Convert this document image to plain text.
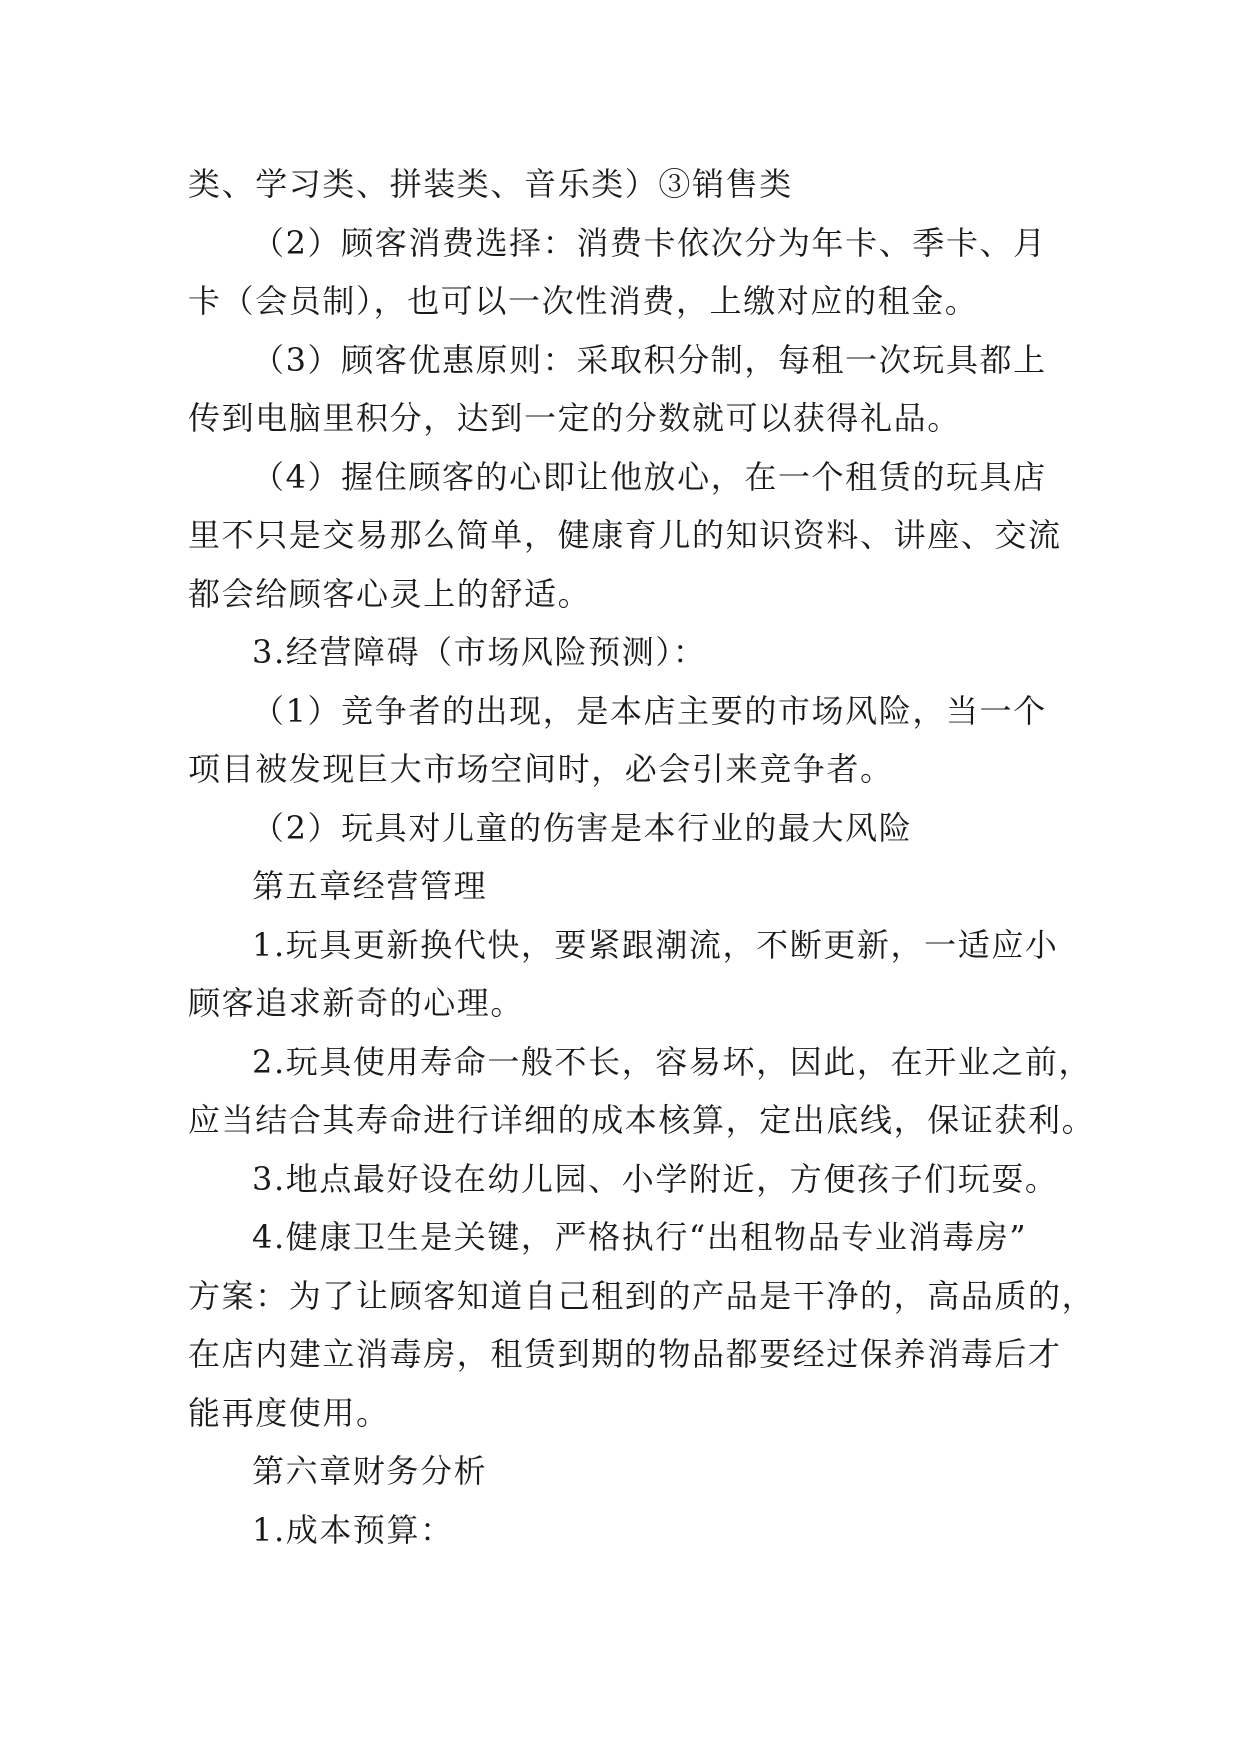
类、学习类、拼装类、音乐类）③销售类
（2）顾客消费选择：消费卡依次分为年卡、季卡、月
卡（会员制），也可以一次性消费，上缴对应的租金。
（3）顾客优惠原则：采取积分制，每租一次玩具都上
传到电脑里积分，达到一定的分数就可以获得礼品。
（4）握住顾客的心即让他放心，在一个租赁的玩具店
里不只是交易那么简单，健康育儿的知识资料、讲座、交流
都会给顾客心灵上的舒适。
3.经营障碍（市场风险预测）：
（1）竞争者的出现，是本店主要的市场风险，当一个
项目被发现巨大市场空间时，必会引来竞争者。
（2）玩具对儿童的伤害是本行业的最大风险
第五章经营管理
1.玩具更新换代快，要紧跟潮流，不断更新，一适应小
顾客追求新奇的心理。
2.玩具使用寿命一般不长，容易坏，因此，在开业之前，
应当结合其寿命进行详细的成本核算，定出底线，保证获利。
3.地点最好设在幼儿园、小学附近，方便孩子们玩耍。
4.健康卫生是关键，严格执行“出租物品专业消毒房”
方案：为了让顾客知道自己租到的产品是干净的，高品质的，
在店内建立消毒房，租赁到期的物品都要经过保养消毒后才
能再度使用。
第六章财务分析
1.成本预算：
